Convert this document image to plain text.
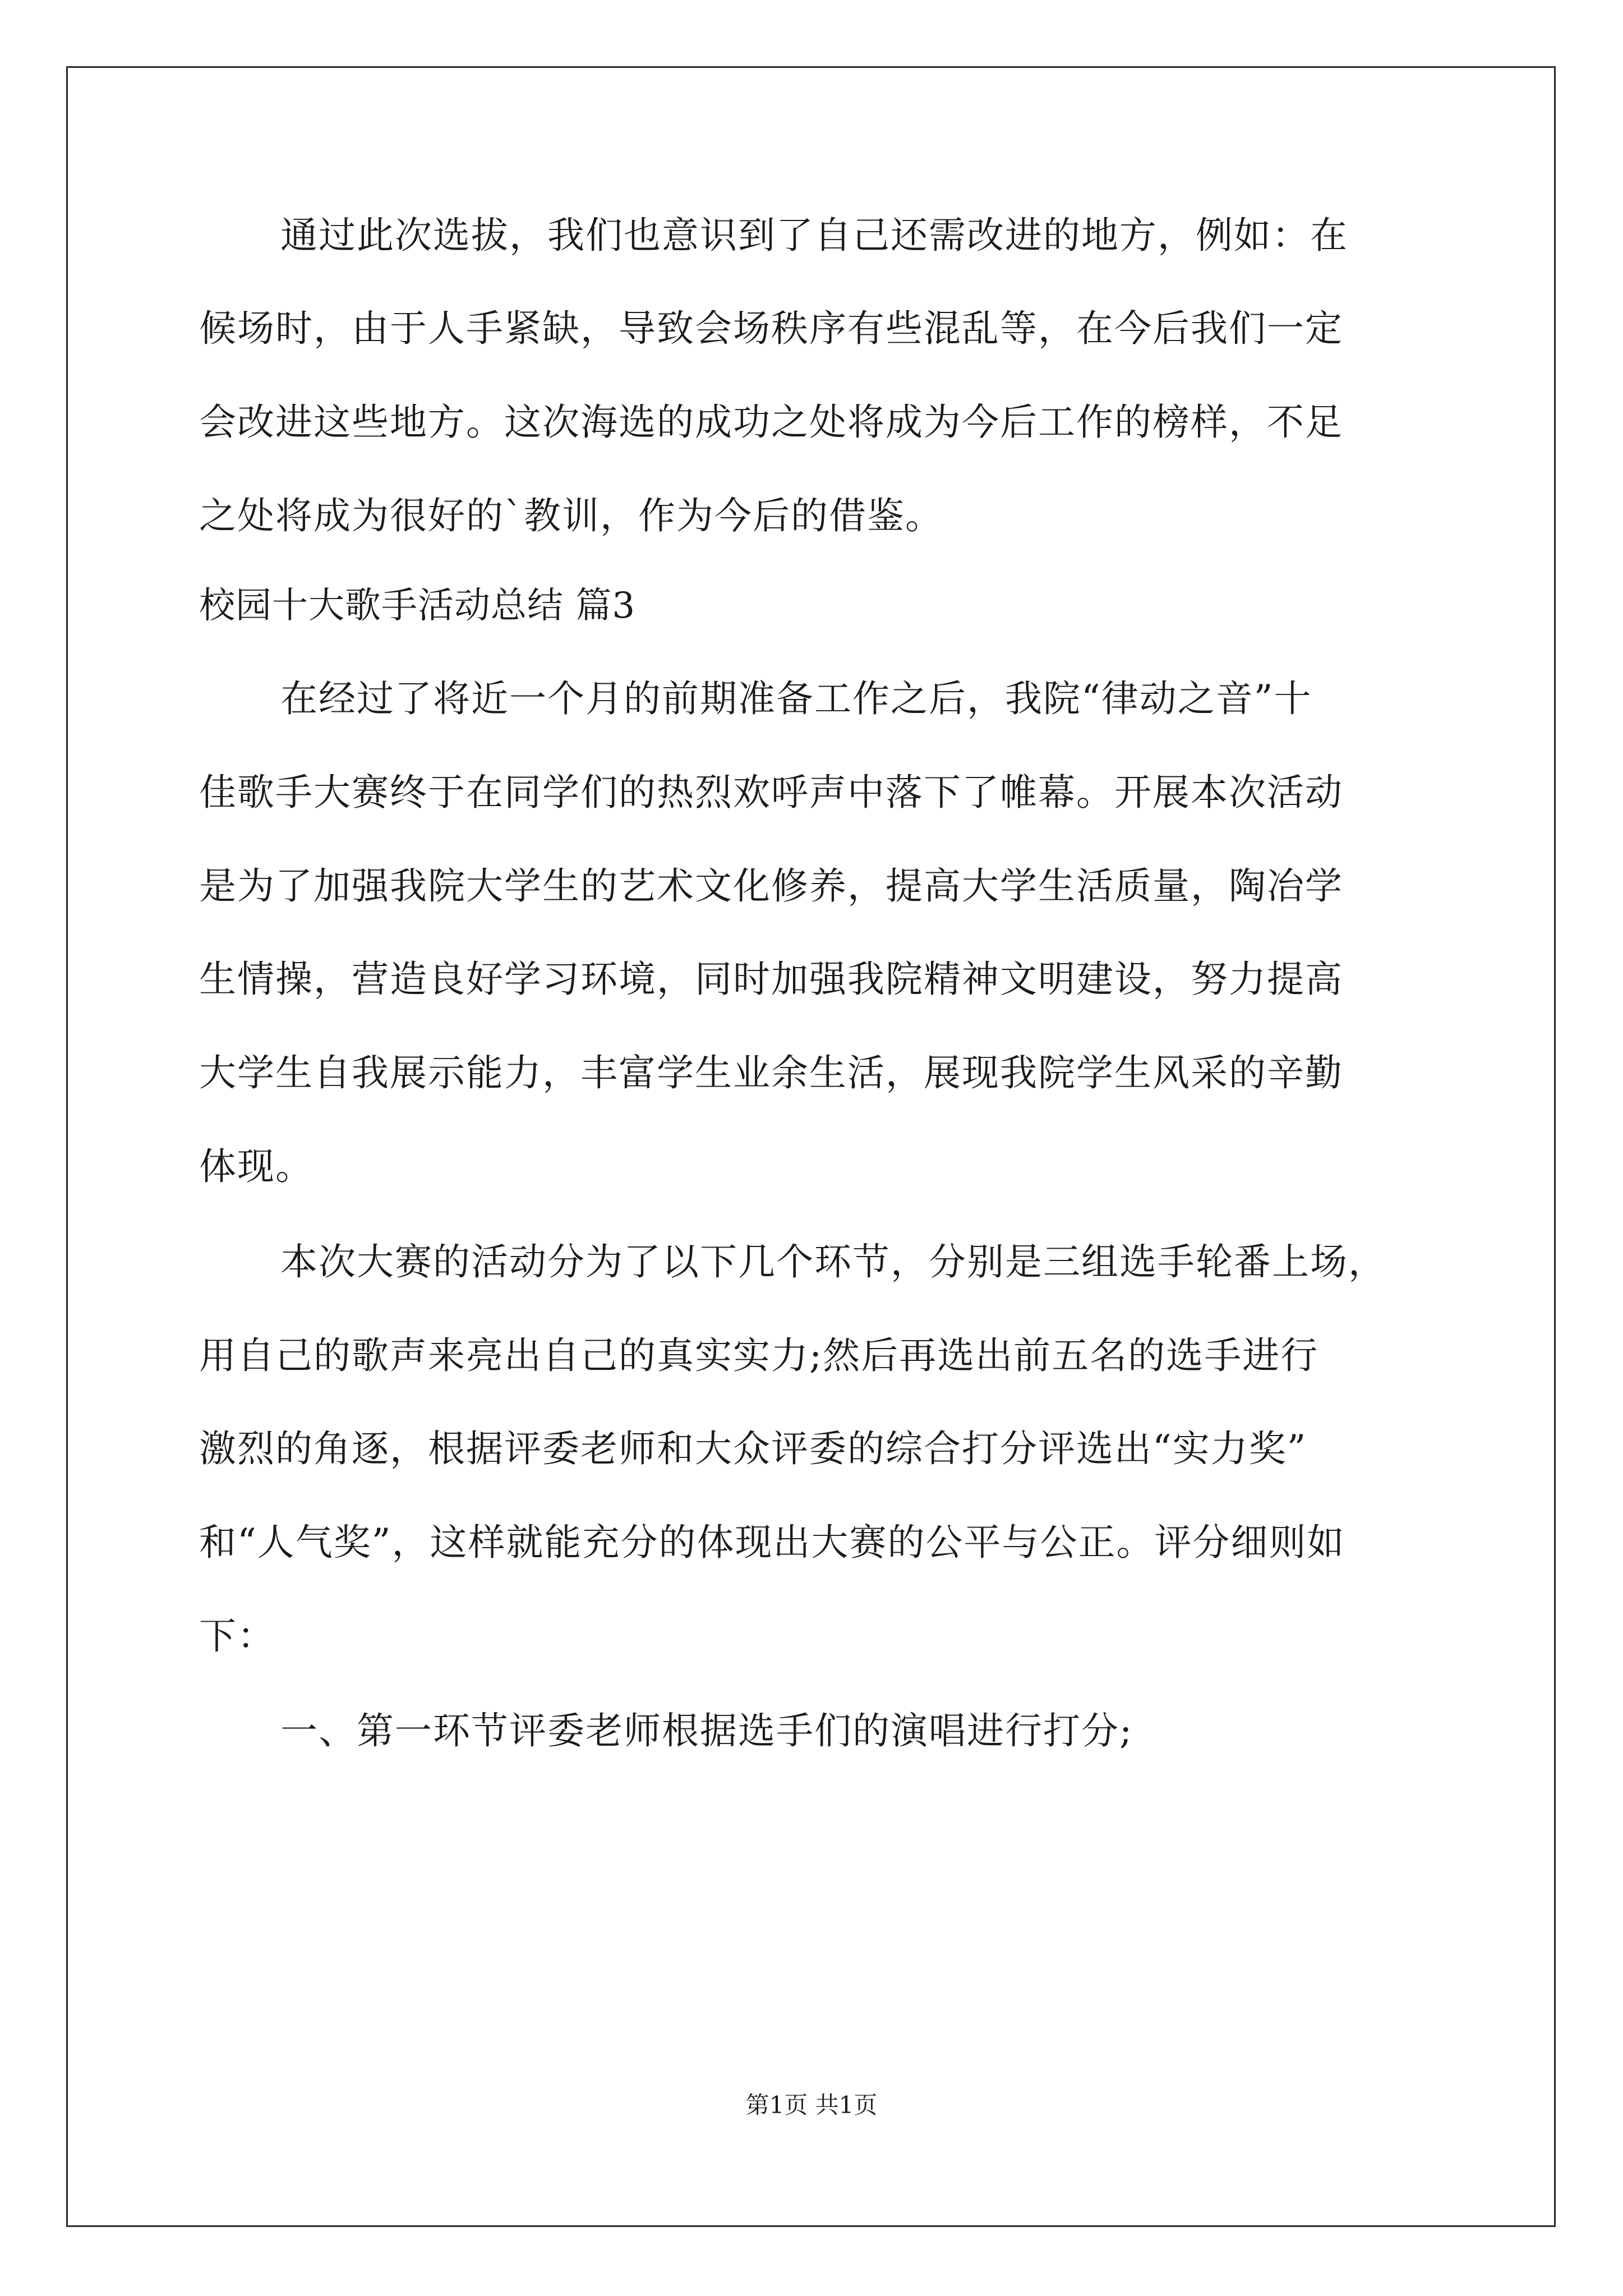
通过此次选拔，我们也意识到了自己还需改进的地方，例如：在
候场时，由于人手紧缺，导致会场秩序有些混乱等，在今后我们一定
会改进这些地方。这次海选的成功之处将成为今后工作的榜样，不足
之处将成为很好的`教训，作为今后的借鉴。
校园十大歌手活动总结 篇3
在经过了将近一个月的前期准备工作之后，我院“律动之音”十
佳歌手大赛终于在同学们的热烈欢呼声中落下了帷幕。开展本次活动
是为了加强我院大学生的艺术文化修养，提高大学生活质量，陶冶学
生情操，营造良好学习环境，同时加强我院精神文明建设，努力提高
大学生自我展示能力，丰富学生业余生活，展现我院学生风采的辛勤
体现。
本次大赛的活动分为了以下几个环节，分别是三组选手轮番上场，
用自己的歌声来亮出自己的真实实力;然后再选出前五名的选手进行
激烈的角逐，根据评委老师和大众评委的综合打分评选出“实力奖”
和“人气奖”，这样就能充分的体现出大赛的公平与公正。评分细则如
下：
一、第一环节评委老师根据选手们的演唱进行打分;
第1页 共1页
